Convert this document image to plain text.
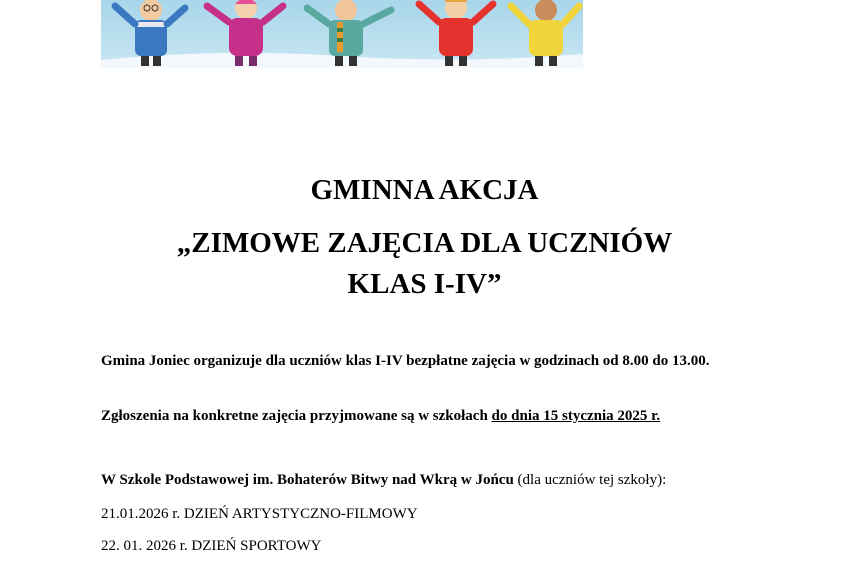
GMINNA AKCJA
„ZIMOWE ZAJĘCIA DLA UCZNIÓW
KLAS I-IV”

Gmina Joniec organizuje dla uczniów klas I-IV bezpłatne zajęcia w godzinach od 8.00 do 13.00.

Zgłoszenia na konkretne zajęcia przyjmowane są w szkołach do dnia 15 stycznia 2025 r.

W Szkole Podstawowej im. Bohaterów Bitwy nad Wkrą w Jońcu (dla uczniów tej szkoły):

21.01.2026 r. DZIEŃ ARTYSTYCZNO-FILMOWY

22. 01. 2026 r. DZIEŃ SPORTOWY
